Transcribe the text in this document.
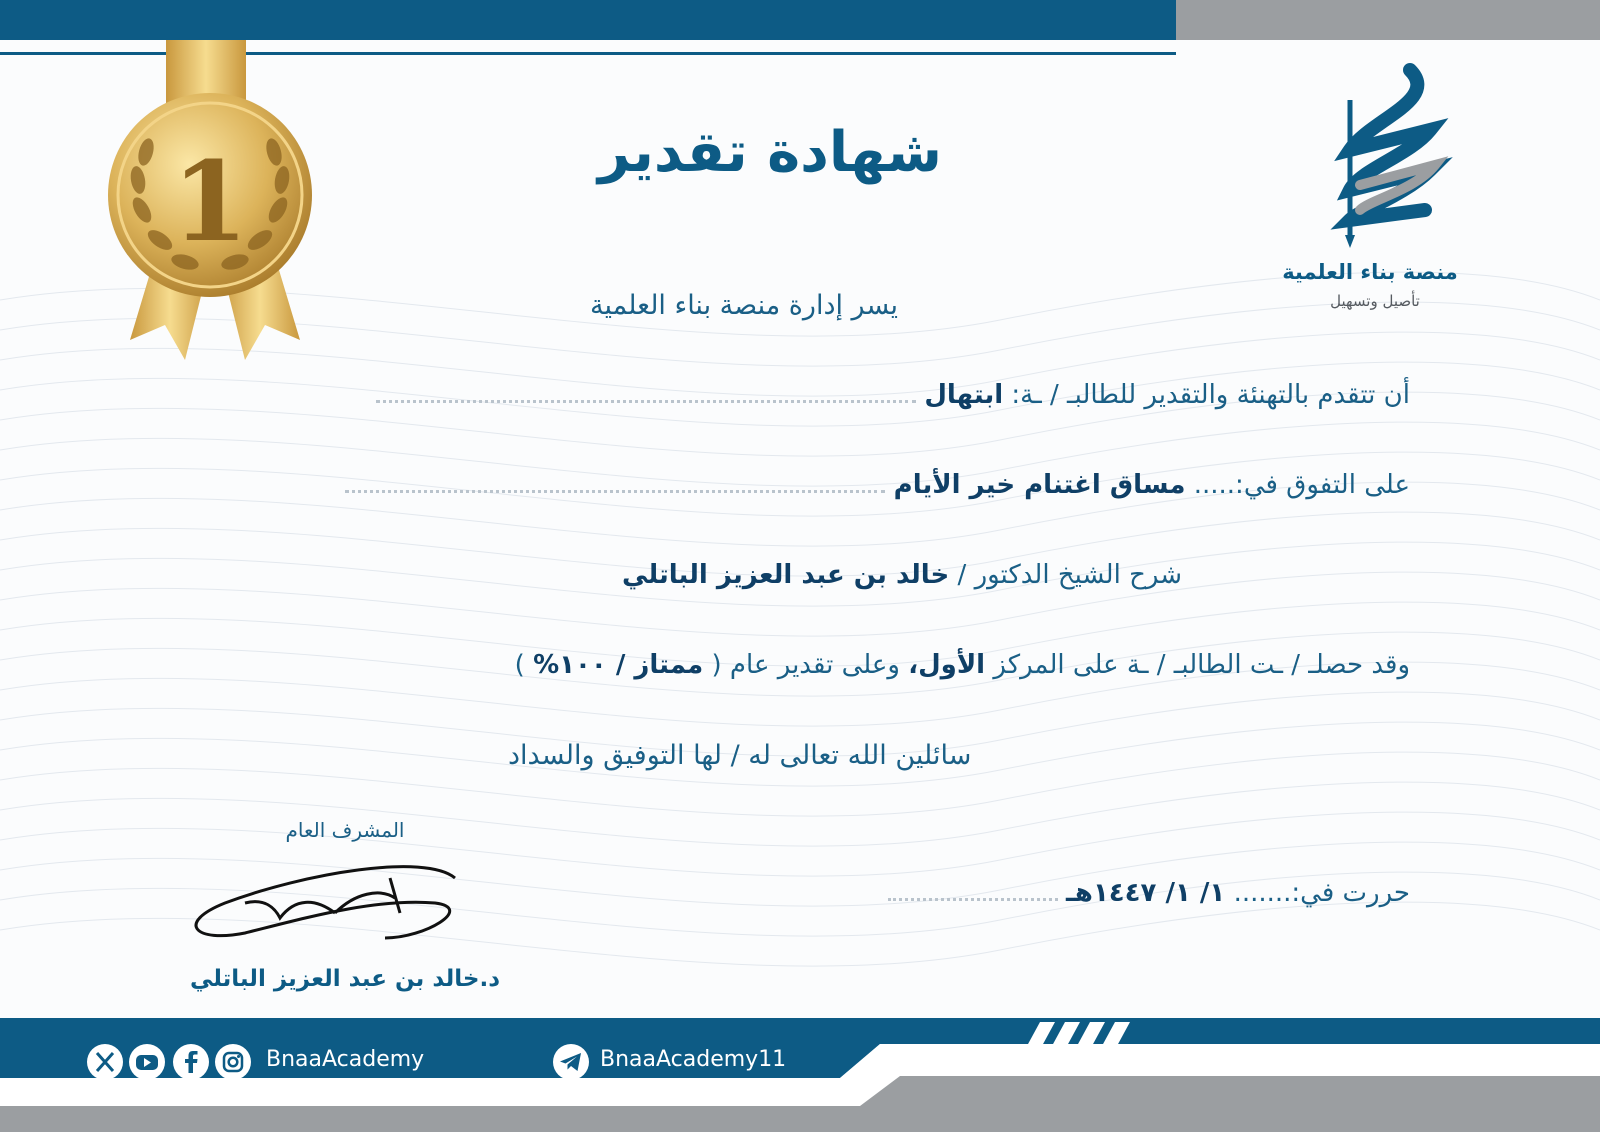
1
منصة بناء العلمية
تأصيل وتسهيل
شهادة تقدير
يسر إدارة منصة بناء العلمية
أن تتقدم بالتهنئة والتقدير للطالبـ / ـة: ابتهال
على التفوق في:..... مساق اغتنام خير الأيام
شرح الشيخ الدكتور / خالد بن عبد العزيز الباتلي
وقد حصلـ / ـت الطالبـ / ـة على المركز الأول، وعلى تقدير عام ( ممتاز / ١٠٠% )
سائلين الله تعالى له / لها التوفيق والسداد
حررت في:....... ١/ ١/ ١٤٤٧هـ
المشرف العام
د.خالد بن عبد العزيز الباتلي
BnaaAcademy	BnaaAcademy11
